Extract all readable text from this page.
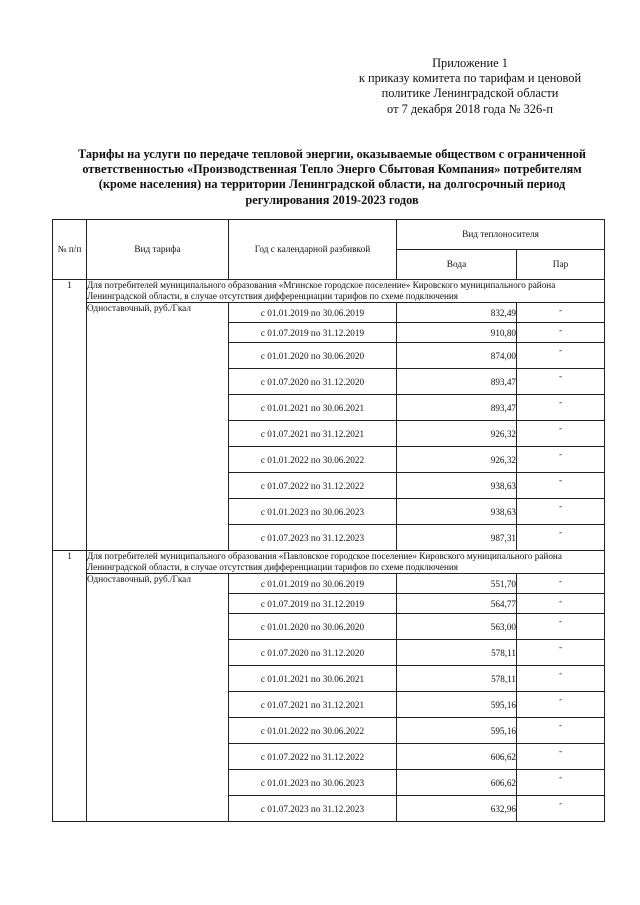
Приложение 1
к приказу комитета по тарифам и ценовой
политике Ленинградской области
от 7 декабря 2018 года № 326-п
Тарифы на услуги по передаче тепловой энергии, оказываемые обществом с ограниченной
ответственностью «Производственная Тепло Энерго Сбытовая Компания» потребителям
(кроме населения) на территории Ленинградской области, на долгосрочный период
регулирования 2019-2023 годов
№ п/п	Вид тарифа	Год с календарной разбивкой	Вид теплоносителя	
			Вода	Пар
1	Для потребителей муниципального образования «Мгинское городское поселение» Кировского муниципального района Ленинградской области, в случае отсутствия дифференциации тарифов по схеме подключения			
	Одноставочный, руб./Гкал	с 01.01.2019 по 30.06.2019	832,49	-
		с 01.07.2019 по 31.12.2019	910,80	-
		с 01.01.2020 по 30.06.2020	874,00	-
		с 01.07.2020 по 31.12.2020	893,47	-
		с 01.01.2021 по 30.06.2021	893,47	-
		с 01.07.2021 по 31.12.2021	926,32	-
		с 01.01.2022 по 30.06.2022	926,32	-
		с 01.07.2022 по 31.12.2022	938,63	-
		с 01.01.2023 по 30.06.2023	938,63	-
		с 01.07.2023 по 31.12.2023	987,31	-
1	Для потребителей муниципального образования «Павловское городское поселение» Кировского муниципального района Ленинградской области, в случае отсутствия дифференциации тарифов по схеме подключения			
	Одноставочный, руб./Гкал	с 01.01.2019 по 30.06.2019	551,70	-
		с 01.07.2019 по 31.12.2019	564,77	-
		с 01.01.2020 по 30.06.2020	563,00	-
		с 01.07.2020 по 31.12.2020	578,11	-
		с 01.01.2021 по 30.06.2021	578,11	-
		с 01.07.2021 по 31.12.2021	595,16	-
		с 01.01.2022 по 30.06.2022	595,16	-
		с 01.07.2022 по 31.12.2022	606,62	-
		с 01.01.2023 по 30.06.2023	606,62	-
		с 01.07.2023 по 31.12.2023	632,96	-
